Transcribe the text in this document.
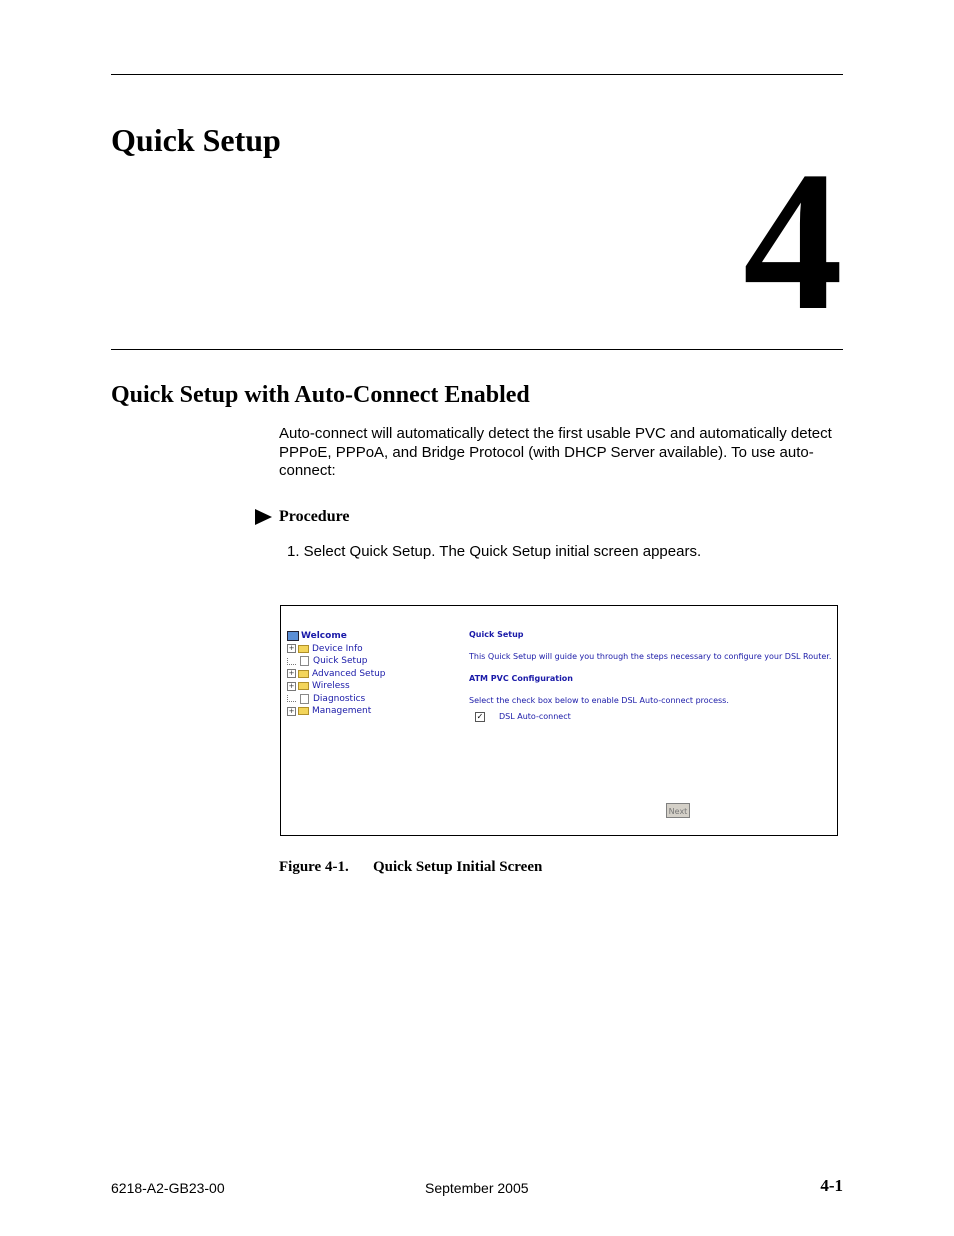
Quick Setup 4
Quick Setup with Auto-Connect Enabled

Auto-connect will automatically detect the first usable PVC and automatically detect PPPoE, PPPoA, and Bridge Protocol (with DHCP Server available). To use auto-connect:

Procedure
1. Select Quick Setup. The Quick Setup initial screen appears.
Welcome
+ Device Info
Quick Setup
+ Advanced Setup
+ Wireless
Diagnostics
+ Management
Quick Setup
This Quick Setup will guide you through the steps necessary to configure your DSL Router.
ATM PVC Configuration
Select the check box below to enable DSL Auto-connect process.
✓ DSL Auto-connect
Next
Figure 4-1. Quick Setup Initial Screen
6218-A2-GB23-00	September 2005	4-1
